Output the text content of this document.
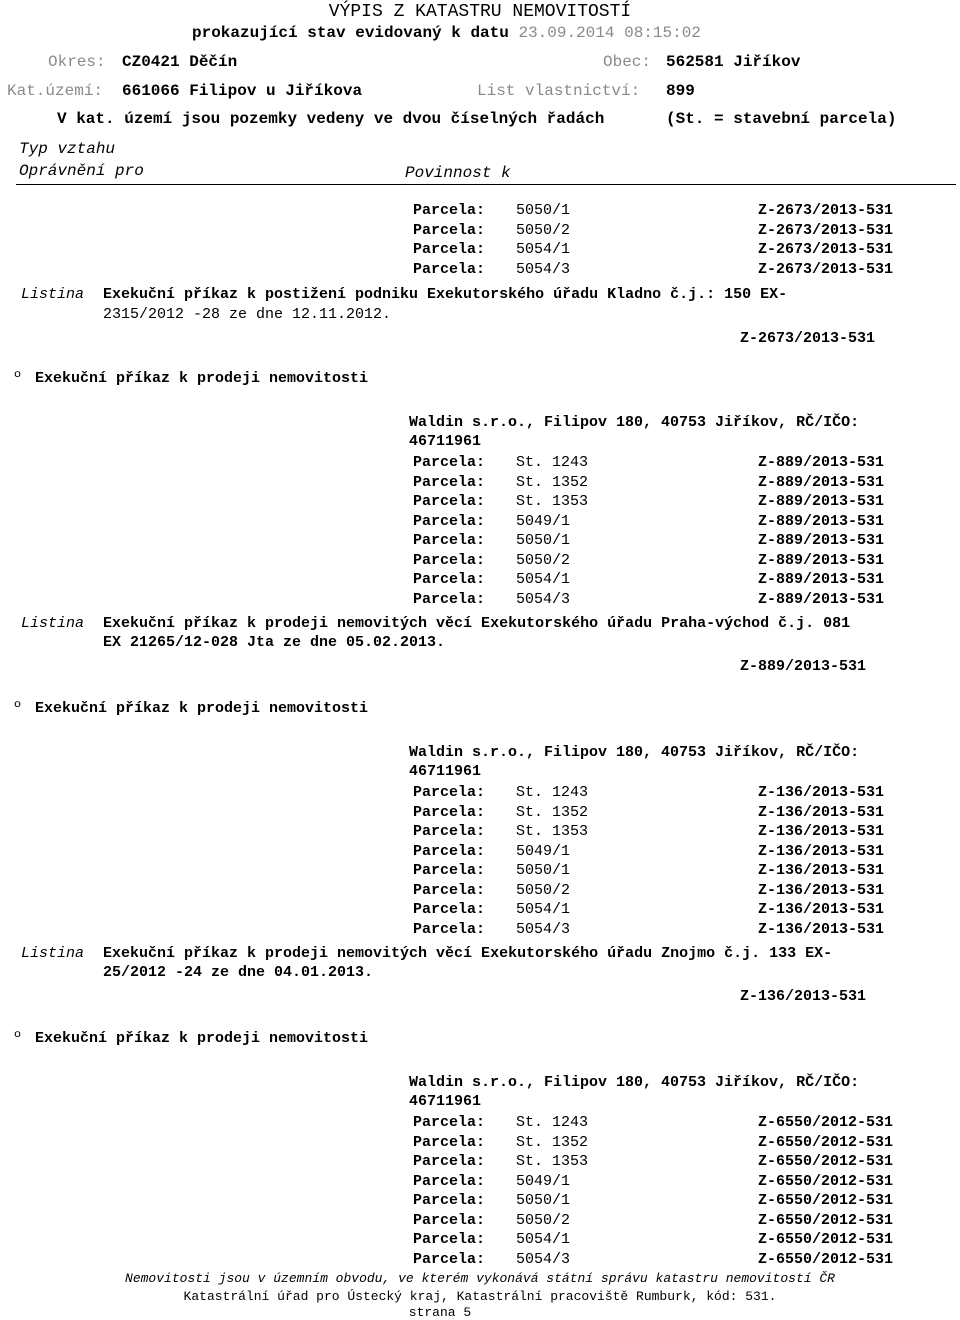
VÝPIS Z KATASTRU NEMOVITOSTÍ
prokazující stav evidovaný k datu 23.09.2014 08:15:02
Okres: CZ0421 Děčín	Obec: 562581 Jiříkov
Kat.území: 661066 Filipov u Jiříkova	List vlastnictví: 899
V kat. území jsou pozemky vedeny ve dvou číselných řadách	(St. = stavební parcela)
Typ vztahu
Oprávnění pro	Povinnost k
Parcela: 5050/1	Z-2673/2013-531
Parcela: 5050/2	Z-2673/2013-531
Parcela: 5054/1	Z-2673/2013-531
Parcela: 5054/3	Z-2673/2013-531
Listina Exekuční příkaz k postižení podniku Exekutorského úřadu Kladno č.j.: 150 EX-
2315/2012 -28 ze dne 12.11.2012.
Z-2673/2013-531
º Exekuční příkaz k prodeji nemovitosti
Waldin s.r.o., Filipov 180, 40753 Jiříkov, RČ/IČO:
46711961
Parcela: St. 1243	Z-889/2013-531
Parcela: St. 1352	Z-889/2013-531
Parcela: St. 1353	Z-889/2013-531
Parcela: 5049/1	Z-889/2013-531
Parcela: 5050/1	Z-889/2013-531
Parcela: 5050/2	Z-889/2013-531
Parcela: 5054/1	Z-889/2013-531
Parcela: 5054/3	Z-889/2013-531
Listina Exekuční příkaz k prodeji nemovitých věcí Exekutorského úřadu Praha-východ č.j. 081
EX 21265/12-028 Jta ze dne 05.02.2013.
Z-889/2013-531
º Exekuční příkaz k prodeji nemovitosti
Waldin s.r.o., Filipov 180, 40753 Jiříkov, RČ/IČO:
46711961
Parcela: St. 1243	Z-136/2013-531
Parcela: St. 1352	Z-136/2013-531
Parcela: St. 1353	Z-136/2013-531
Parcela: 5049/1	Z-136/2013-531
Parcela: 5050/1	Z-136/2013-531
Parcela: 5050/2	Z-136/2013-531
Parcela: 5054/1	Z-136/2013-531
Parcela: 5054/3	Z-136/2013-531
Listina Exekuční příkaz k prodeji nemovitých věcí Exekutorského úřadu Znojmo č.j. 133 EX-
25/2012 -24 ze dne 04.01.2013.
Z-136/2013-531
º Exekuční příkaz k prodeji nemovitosti
Waldin s.r.o., Filipov 180, 40753 Jiříkov, RČ/IČO:
46711961
Parcela: St. 1243	Z-6550/2012-531
Parcela: St. 1352	Z-6550/2012-531
Parcela: St. 1353	Z-6550/2012-531
Parcela: 5049/1	Z-6550/2012-531
Parcela: 5050/1	Z-6550/2012-531
Parcela: 5050/2	Z-6550/2012-531
Parcela: 5054/1	Z-6550/2012-531
Parcela: 5054/3	Z-6550/2012-531
Nemovitosti jsou v územním obvodu, ve kterém vykonává státní správu katastru nemovitostí ČR
Katastrální úřad pro Ústecký kraj, Katastrální pracoviště Rumburk, kód: 531.
strana 5
